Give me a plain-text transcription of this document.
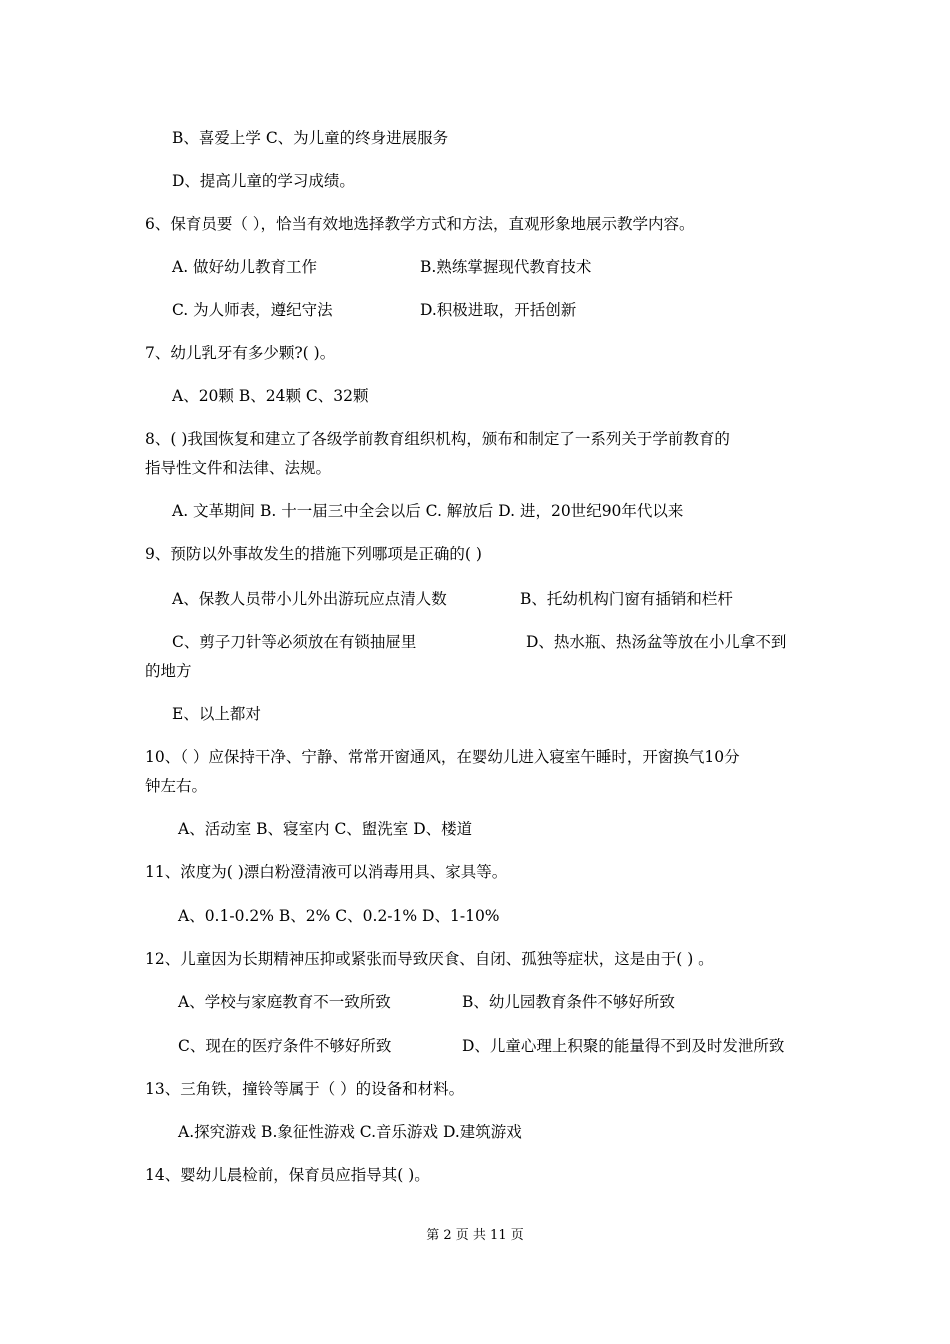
B、喜爱上学 C、为儿童的终身进展服务
D、提高儿童的学习成绩。
6、保育员要（ ），恰当有效地选择教学方式和方法，直观形象地展示教学内容。
A. 做好幼儿教育工作	B.熟练掌握现代教育技术
C. 为人师表，遵纪守法	D.积极进取，开括创新
7、幼儿乳牙有多少颗?( )。
A、20颗 B、24颗 C、32颗
8、( )我国恢复和建立了各级学前教育组织机构，颁布和制定了一系列关于学前教育的
指导性文件和法律、法规。
A. 文革期间 B. 十一届三中全会以后 C. 解放后 D. 进，20世纪90年代以来
9、预防以外事故发生的措施下列哪项是正确的( )
A、保教人员带小儿外出游玩应点清人数	B、托幼机构门窗有插销和栏杆
C、剪子刀针等必须放在有锁抽屉里	D、热水瓶、热汤盆等放在小儿拿不到
的地方
E、以上都对
10、（ ）应保持干净、宁静、常常开窗通风，在婴幼儿进入寝室午睡时，开窗换气10分
钟左右。
A、活动室 B、寝室内 C、盥洗室 D、楼道
11、浓度为( )漂白粉澄清液可以消毒用具、家具等。
A、0.1-0.2% B、2% C、0.2-1% D、1-10%
12、儿童因为长期精神压抑或紧张而导致厌食、自闭、孤独等症状，这是由于( ) 。
A、学校与家庭教育不一致所致	B、幼儿园教育条件不够好所致
C、现在的医疗条件不够好所致	D、儿童心理上积聚的能量得不到及时发泄所致
13、三角铁，撞铃等属于（ ）的设备和材料。
A.探究游戏 B.象征性游戏 C.音乐游戏 D.建筑游戏
14、婴幼儿晨检前，保育员应指导其( )。
第 2 页 共 11 页
